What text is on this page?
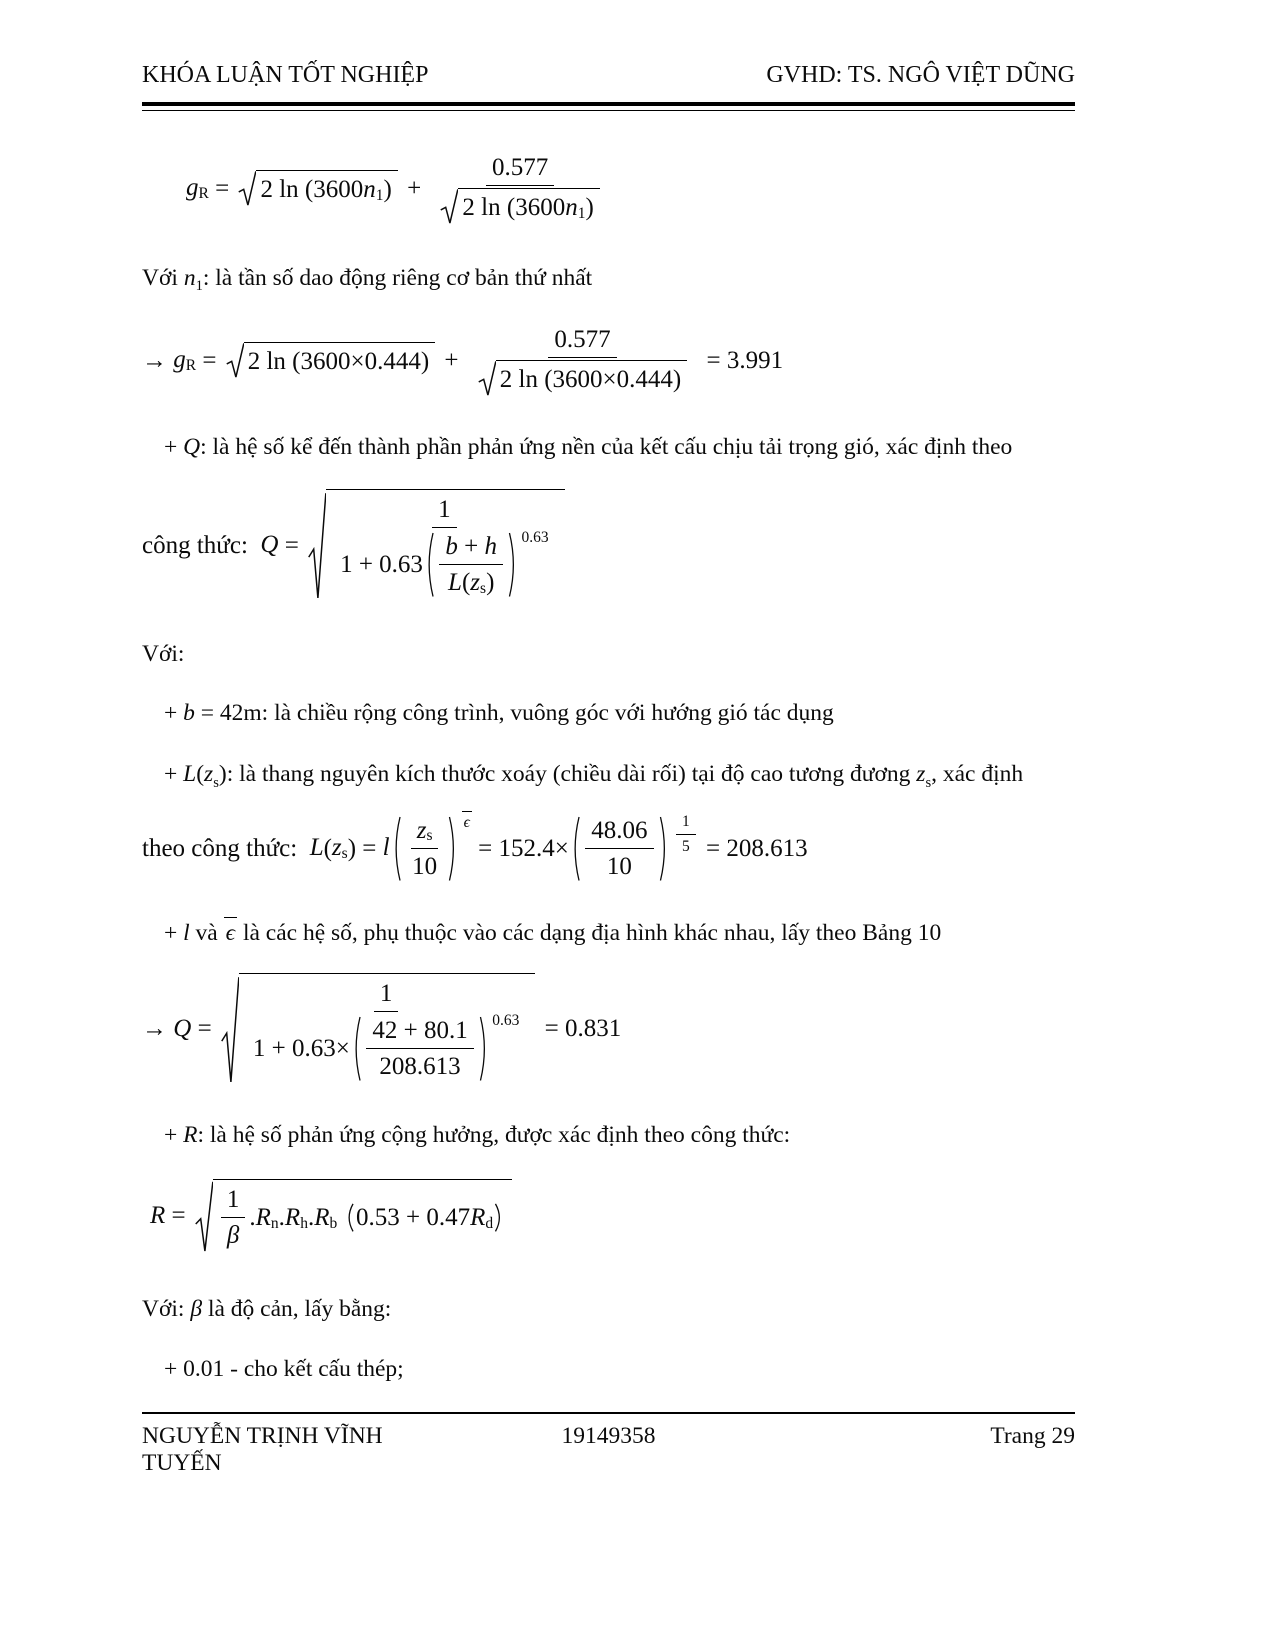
KHÓA LUẬN TỐT NGHIỆP	GVHD: TS. NGÔ VIỆT DŨNG
g R = 2 ln (3600 n 1 ) + $\frac{0.577}{2 \ln (3600 n 1 )}$

Với n 1 : là tần số dao động riêng cơ bản thứ nhất

→ g R = 2 $\ln (3600\times 0.444) + \frac{0.577}{2 \ln (3600\times 0.444)} = 3.991$

+ Q : là hệ số kể đến thành phần phản ứng nền của kết cấu chịu tải trọng gió, xác định theo

công thức: $Q = \frac{1}{1 + 0.63 \frac{b + h}{\text{L ( z s )}} 0.63}$

Với:

+ b = 42m: là chiều rộng công trình, vuông góc với hướng gió tác dụng

+ L ( z s ): là thang nguyên kích thước xoáy (chiều dài rối) tại độ cao tương đương z s , xác định

theo công thức: L ( z s ) = l $\frac{\text{z s}}{10}$ ϵ
= $152.4\times \frac{48.06}{10} \frac{1}{5} = 208.613$

+ l và ϵ là các hệ số, phụ thuộc vào các dạng địa hình khác nhau, lấy theo Bảng 10

→ $Q = \frac{1}{1 + 0.63\times \frac{42 + 80.1}{208.613} 0.63} = 0.831$

+ R : là hệ số phản ứng cộng hưởng, được xác định theo công thức:

$R = \frac{1}{\beta}$ . R n . R h . R b
0.53 + 0.47 R d

Với: β là độ cản, lấy bằng:

+ 0.01 - cho kết cấu thép;

NGUYỄN TRỊNH VĨNH TUYẾN
19149358	Trang 29
